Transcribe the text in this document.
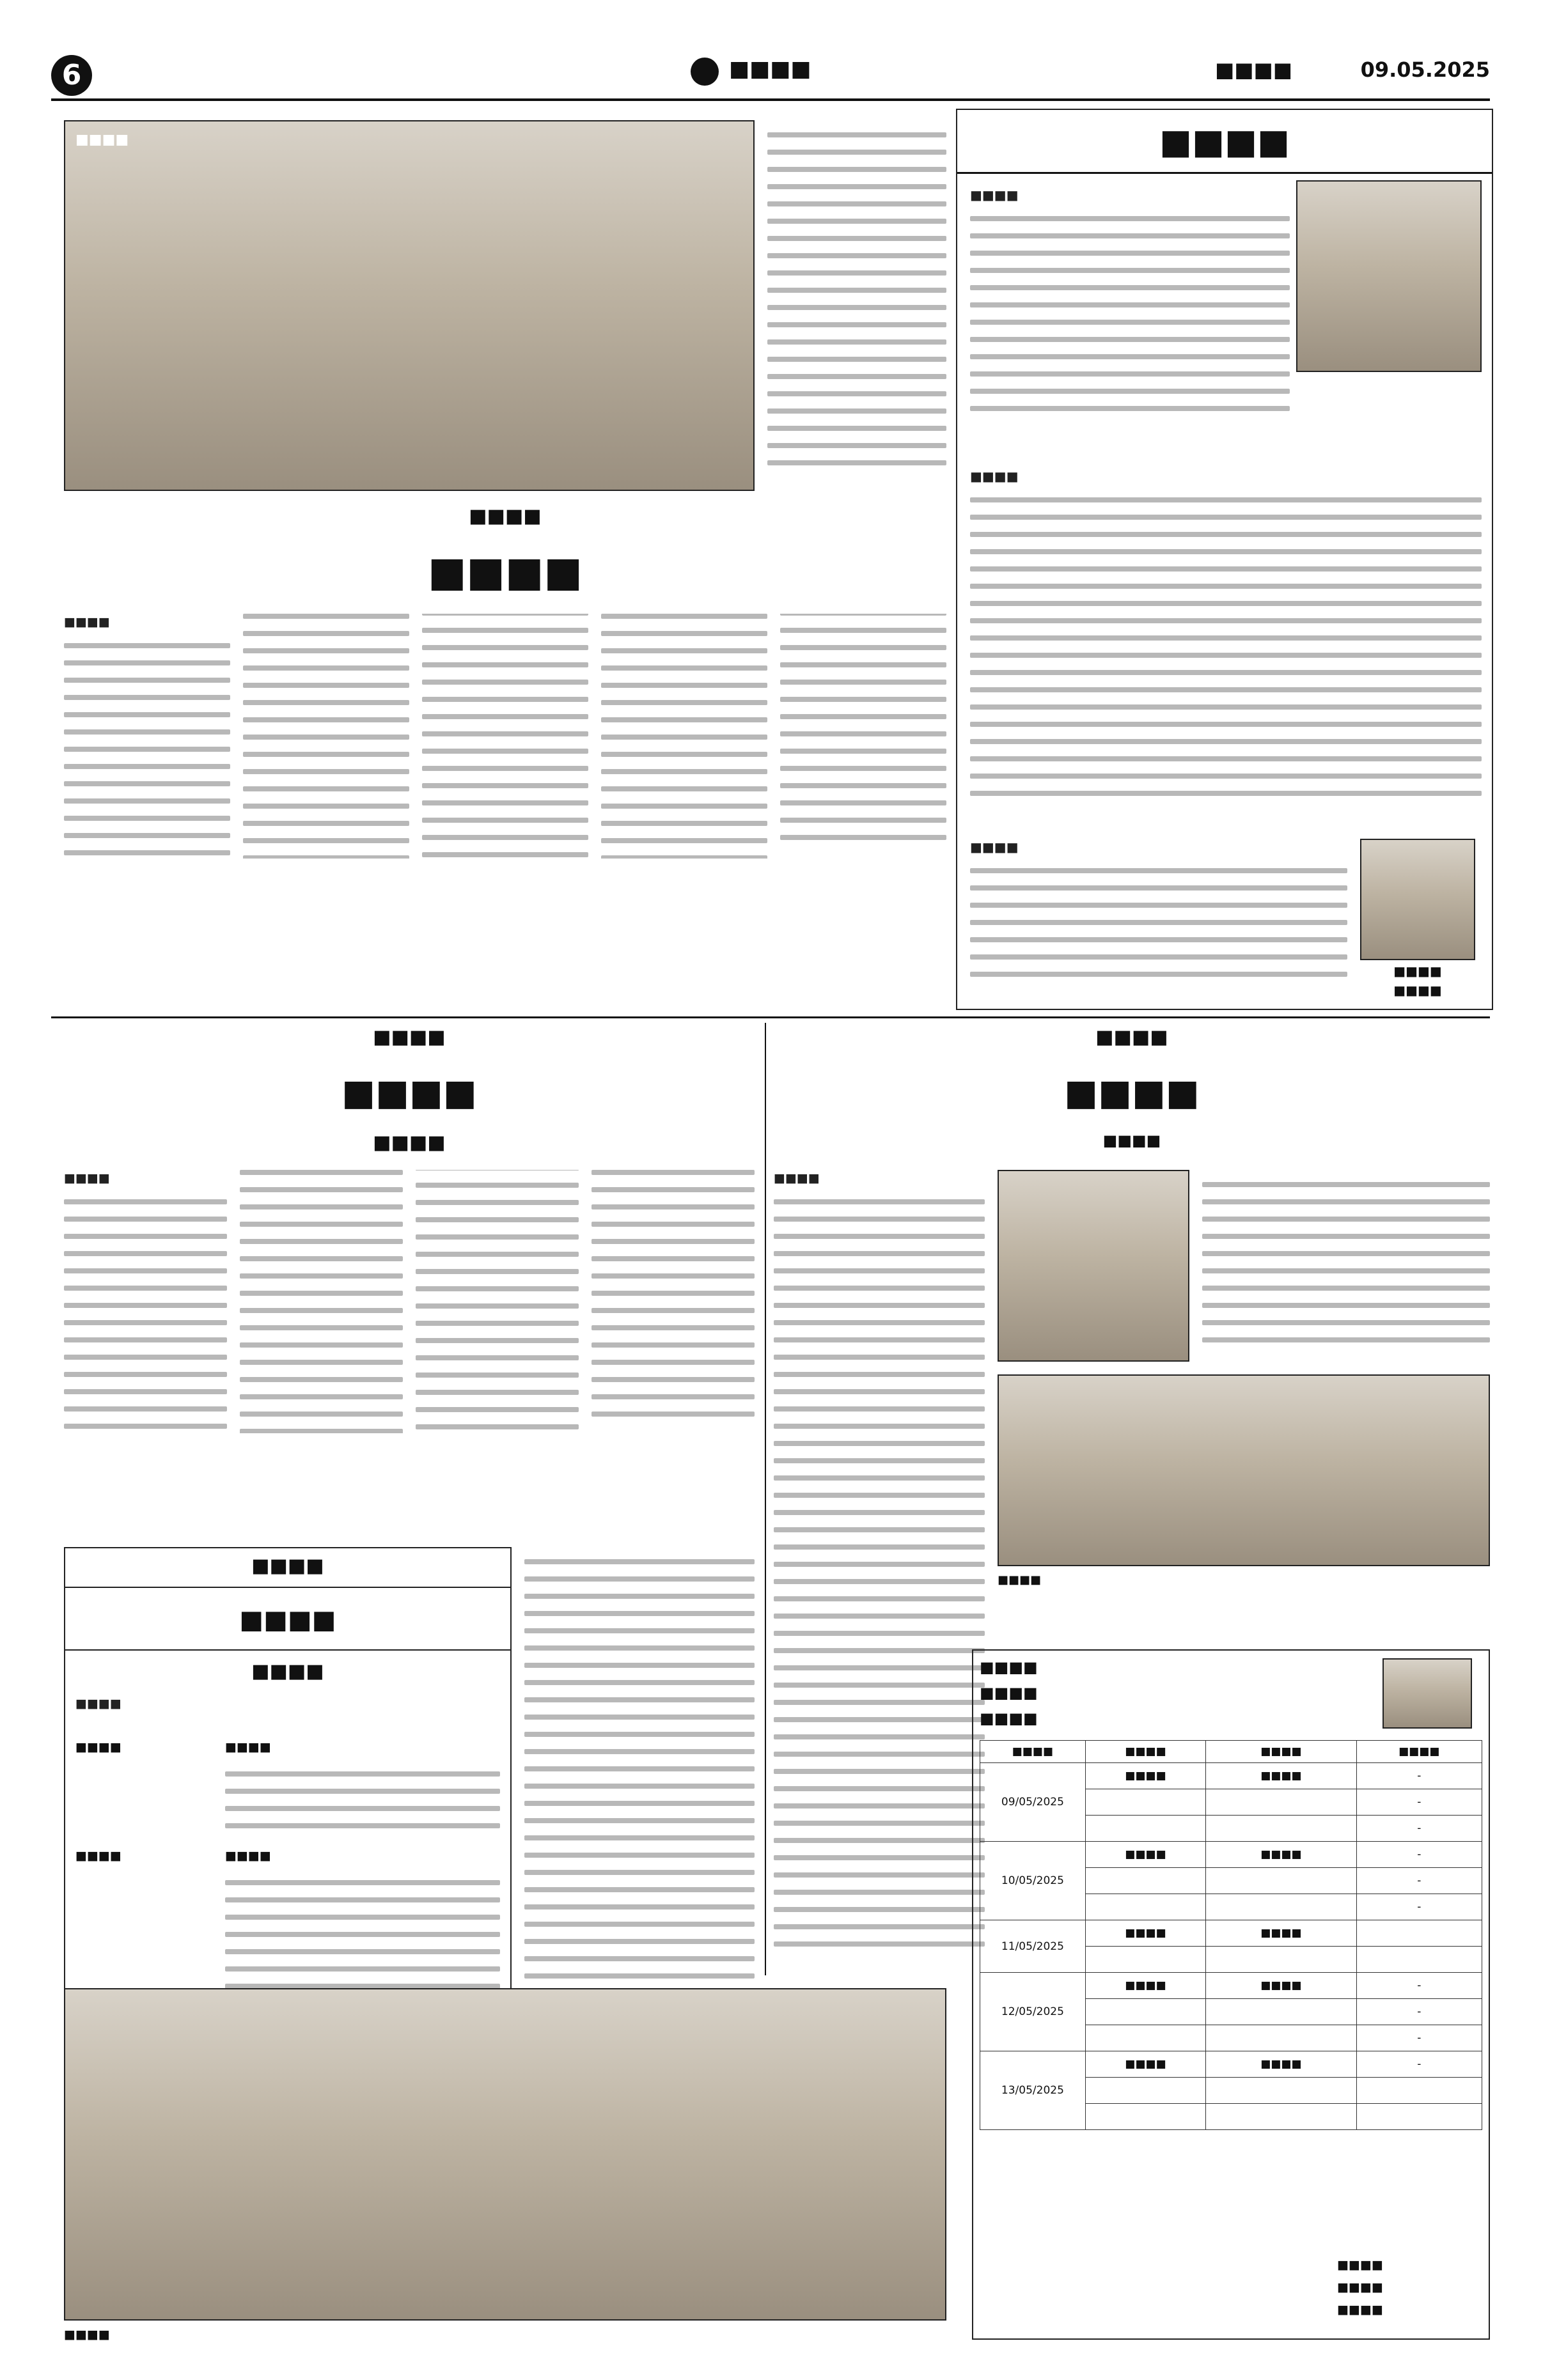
6	■■■■	■■■■	09.05.2025
■■■■
■■■■
■■■■
■■■■
■■■■
■■■■
■■■■
■■■■
■■■■
■■■■
■■■■
■■■■
■■■■
■■■■
■■■■
■■■■
■■■■
■■■■
■■■■	■■■■
■■■■	■■■■
■■■■
■■■■
■■■■
■■■■
■■■■
■■■■
■■■■
■■■■
■■■■
■■■■	■■■■	■■■■	■■■■
09/05/2025	■■■■	■■■■	-
			-
			-
10/05/2025	■■■■	■■■■	-
			-
			-
11/05/2025	■■■■	■■■■	

12/05/2025	■■■■	■■■■	-
			-
			-
13/05/2025	■■■■	■■■■	-

■■■■
■■■■
■■■■
